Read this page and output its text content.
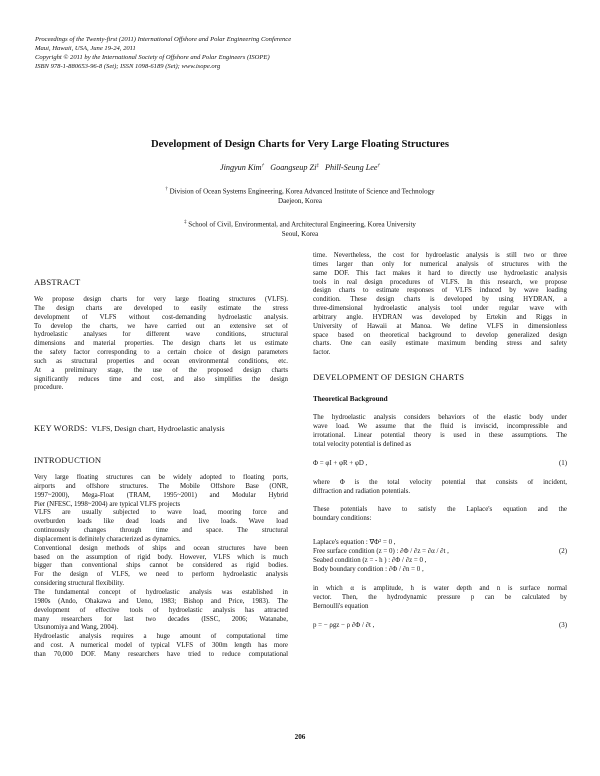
Proceedings of the Twenty-first (2011) International Offshore and Polar Engineering Conference
Maui, Hawaii, USA, June 19-24, 2011
Copyright © 2011 by the International Society of Offshore and Polar Engineers (ISOPE)
ISBN 978-1-880653-96-8 (Set); ISSN 1098-6189 (Set); www.isope.org
Development of Design Charts for Very Large Floating Structures
Jingyun Kim† Goangseup Zi‡ Phill-Seung Lee†
† Division of Ocean Systems Engineering, Korea Advanced Institute of Science and Technology
Daejeon, Korea
‡ School of Civil, Environmental, and Architectural Engineering, Korea University
Seoul, Korea
ABSTRACT
We propose design charts for very large floating structures (VLFS).
The design charts are developed to easily estimate the stress
development of VLFS without cost-demanding hydroelastic analysis.
To develop the charts, we have carried out an extensive set of
hydroelastic analyses for different wave conditions, structural
dimensions and material properties. The design charts let us estimate
the safety factor corresponding to a certain choice of design parameters
such as structural properties and ocean environmental conditions, etc.
At a preliminary stage, the use of the proposed design charts
significantly reduces time and cost, and also simplifies the design
procedure.
KEY WORDS: VLFS, Design chart, Hydroelastic analysis
INTRODUCTION
Very large floating structures can be widely adopted to floating ports,
airports and offshore structures. The Mobile Offshore Base (ONR,
1997~2000), Mega-Float (TRAM, 1995~2001) and Modular Hybrid
Pier (NFESC, 1998~2004) are typical VLFS projects
VLFS are usually subjected to wave load, mooring force and
overburden loads like dead loads and live loads. Wave load
continuously changes through time and space. The structural
displacement is definitely characterized as dynamics.
Conventional design methods of ships and ocean structures have been
based on the assumption of rigid body. However, VLFS which is much
bigger than conventional ships cannot be considered as rigid bodies.
For the design of VLFS, we need to perform hydroelastic analysis
considering structural flexibility.
The fundamental concept of hydroelastic analysis was established in
1980s (Ando, Ohakawa and Ueno, 1983; Bishop and Price, 1983). The
development of effective tools of hydroelastic analysis has attracted
many researchers for last two decades (ISSC, 2006; Watanabe,
Utsunomiya and Wang, 2004).
Hydroelastic analysis requires a huge amount of computational time
and cost. A numerical model of typical VLFS of 300m length has more
than 70,000 DOF. Many researchers have tried to reduce computational
time. Nevertheless, the cost for hydroelastic analysis is still two or three
times larger than only for numerical analysis of structures with the
same DOF. This fact makes it hard to directly use hydroelastic analysis
tools in real design procedures of VLFS. In this research, we propose
design charts to estimate responses of VLFS induced by wave loading
condition. These design charts is developed by using HYDRAN, a
three-dimensional hydroelastic analysis tool under regular wave with
arbitrary angle. HYDRAN was developed by Ertekin and Riggs in
University of Hawaii at Manoa. We define VLFS in dimensionless
space based on theoretical background to develop generalized design
charts. One can easily estimate maximum bending stress and safety
factor.
DEVELOPMENT OF DESIGN CHARTS
Theoretical Background
The hydroelastic analysis considers behaviors of the elastic body under
wave load. We assume that the fluid is inviscid, incompressible and
irrotational. Linear potential theory is used in these assumptions. The
total velocity potential is defined as
Φ = φI + φR + φD ,	(1)
where Φ is the total velocity potential that consists of incident,
diffraction and radiation potentials.
These potentials have to satisfy the Laplace's equation and the
boundary conditions:
Laplace's equation : ∇Φ² = 0 ,
Free surface condition (z = 0) : ∂Φ / ∂z = ∂α / ∂t ,	(2)
Seabed condition (z = - h ) : ∂Φ / ∂z = 0 ,
Body boundary condition : ∂Φ / ∂n = 0 ,
in which α is amplitude, h is water depth and n is surface normal
vector. Then, the hydrodynamic pressure p can be calculated by
Bernoulli's equation
p = − ρgz − ρ ∂Φ / ∂t ,	(3)
206
